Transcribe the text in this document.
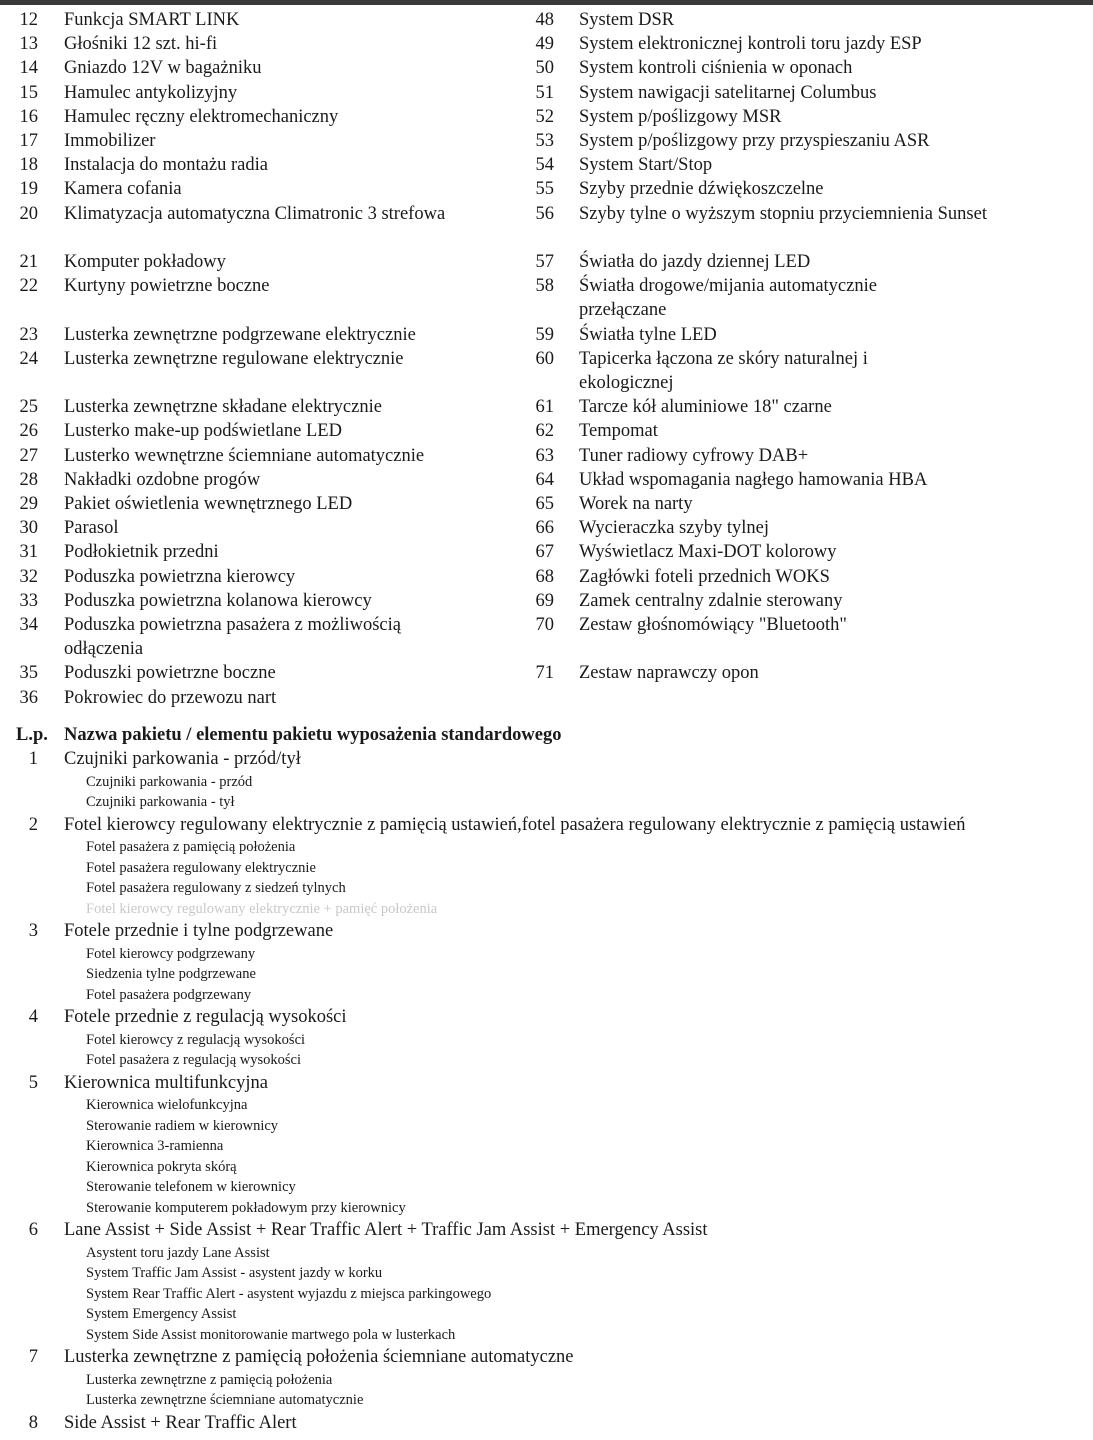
12 Funkcja SMART LINK
13 Głośniki 12 szt. hi-fi
14 Gniazdo 12V w bagażniku
15 Hamulec antykolizyjny
16 Hamulec ręczny elektromechaniczny
17 Immobilizer
18 Instalacja do montażu radia
19 Kamera cofania
20 Klimatyzacja automatyczna Climatronic 3 strefowa
21 Komputer pokładowy
22 Kurtyny powietrzne boczne
23 Lusterka zewnętrzne podgrzewane elektrycznie
24 Lusterka zewnętrzne regulowane elektrycznie
25 Lusterka zewnętrzne składane elektrycznie
26 Lusterko make-up podświetlane LED
27 Lusterko wewnętrzne ściemniane automatycznie
28 Nakładki ozdobne progów
29 Pakiet oświetlenia wewnętrznego LED
30 Parasol
31 Podłokietnik przedni
32 Poduszka powietrzna kierowcy
33 Poduszka powietrzna kolanowa kierowcy
34 Poduszka powietrzna pasażera z możliwością odłączenia
35 Poduszki powietrzne boczne
36 Pokrowiec do przewozu nart
48 System DSR
49 System elektronicznej kontroli toru jazdy ESP
50 System kontroli ciśnienia w oponach
51 System nawigacji satelitarnej Columbus
52 System p/poślizgowy MSR
53 System p/poślizgowy przy przyspieszaniu ASR
54 System Start/Stop
55 Szyby przednie dźwiękoszczelne
56 Szyby tylne o wyższym stopniu przyciemnienia Sunset
57 Światła do jazdy dziennej LED
58 Światła drogowe/mijania automatycznie przełączane
59 Światła tylne LED
60 Tapicerka łączona ze skóry naturalnej i ekologicznej
61 Tarcze kół aluminiowe 18" czarne
62 Tempomat
63 Tuner radiowy cyfrowy DAB+
64 Układ wspomagania nagłego hamowania HBA
65 Worek na narty
66 Wycieraczka szyby tylnej
67 Wyświetlacz Maxi-DOT kolorowy
68 Zagłówki foteli przednich WOKS
69 Zamek centralny zdalnie sterowany
70 Zestaw głośnomówiący "Bluetooth"
71 Zestaw naprawczy opon
L.p. Nazwa pakietu / elementu pakietu wyposażenia standardowego
1 Czujniki parkowania - przód/tył
Czujniki parkowania - przód
Czujniki parkowania - tył
2 Fotel kierowcy regulowany elektrycznie z pamięcią ustawień,fotel pasażera regulowany elektrycznie z pamięcią ustawień
Fotel pasażera z pamięcią położenia
Fotel pasażera regulowany elektrycznie
Fotel pasażera regulowany z siedzeń tylnych
Fotel kierowcy regulowany elektrycznie + pamięć położenia
3 Fotele przednie i tylne podgrzewane
Fotel kierowcy podgrzewany
Siedzenia tylne podgrzewane
Fotel pasażera podgrzewany
4 Fotele przednie z regulacją wysokości
Fotel kierowcy z regulacją wysokości
Fotel pasażera z regulacją wysokości
5 Kierownica multifunkcyjna
Kierownica wielofunkcyjna
Sterowanie radiem w kierownicy
Kierownica 3-ramienna
Kierownica pokryta skórą
Sterowanie telefonem w kierownicy
Sterowanie komputerem pokładowym przy kierownicy
6 Lane Assist + Side Assist + Rear Traffic Alert + Traffic Jam Assist + Emergency Assist
Asystent toru jazdy Lane Assist
System Traffic Jam Assist - asystent jazdy w korku
System Rear Traffic Alert - asystent wyjazdu z miejsca parkingowego
System Emergency Assist
System Side Assist monitorowanie martwego pola w lusterkach
7 Lusterka zewnętrzne z pamięcią położenia ściemniane automatyczne
Lusterka zewnętrzne z pamięcią położenia
Lusterka zewnętrzne ściemniane automatycznie
8 Side Assist + Rear Traffic Alert
